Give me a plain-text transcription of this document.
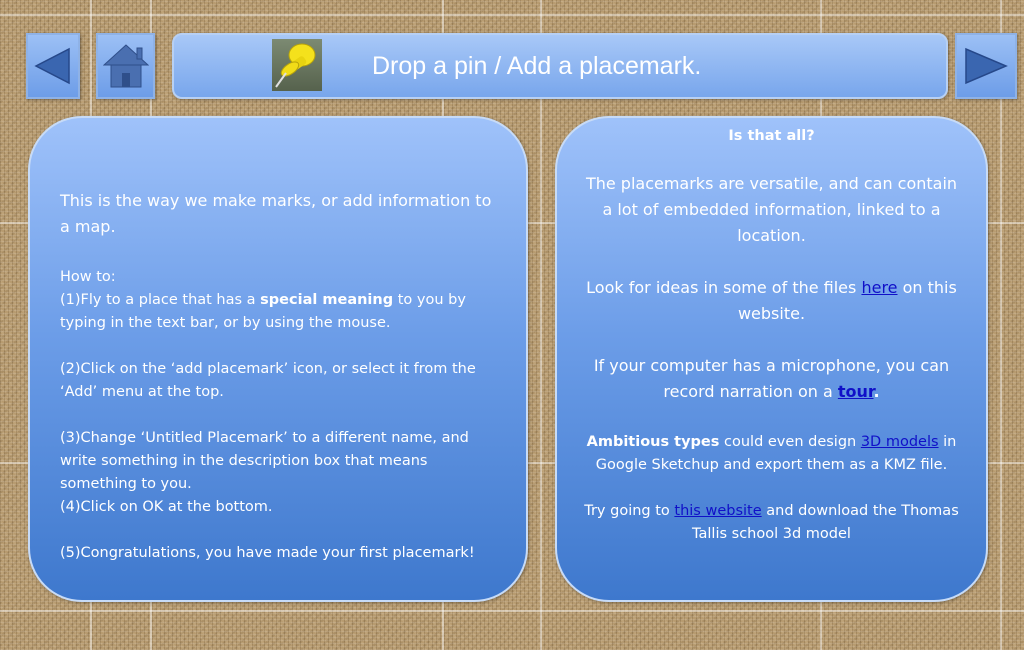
Drop a pin / Add a placemark.

This is the way we make marks, or add information to a map.

How to:

(1)Fly to a place that has a special meaning to you by typing in the text bar, or by using the mouse.

(2)Click on the ‘add placemark’ icon, or select it from the ‘Add’ menu at the top.

(3)Change ‘Untitled Placemark’ to a different name, and write something in the description box that means something to you.

(4)Click on OK at the bottom.

(5)Congratulations, you have made your first placemark!

Is that all?

The placemarks are versatile, and can contain a lot of embedded information, linked to a location.

Look for ideas in some of the files here on this website.

If your computer has a microphone, you can record narration on a tour.

Ambitious types could even design 3D models in Google Sketchup and export them as a KMZ file.

Try going to this website and download the Thomas Tallis school 3d model
